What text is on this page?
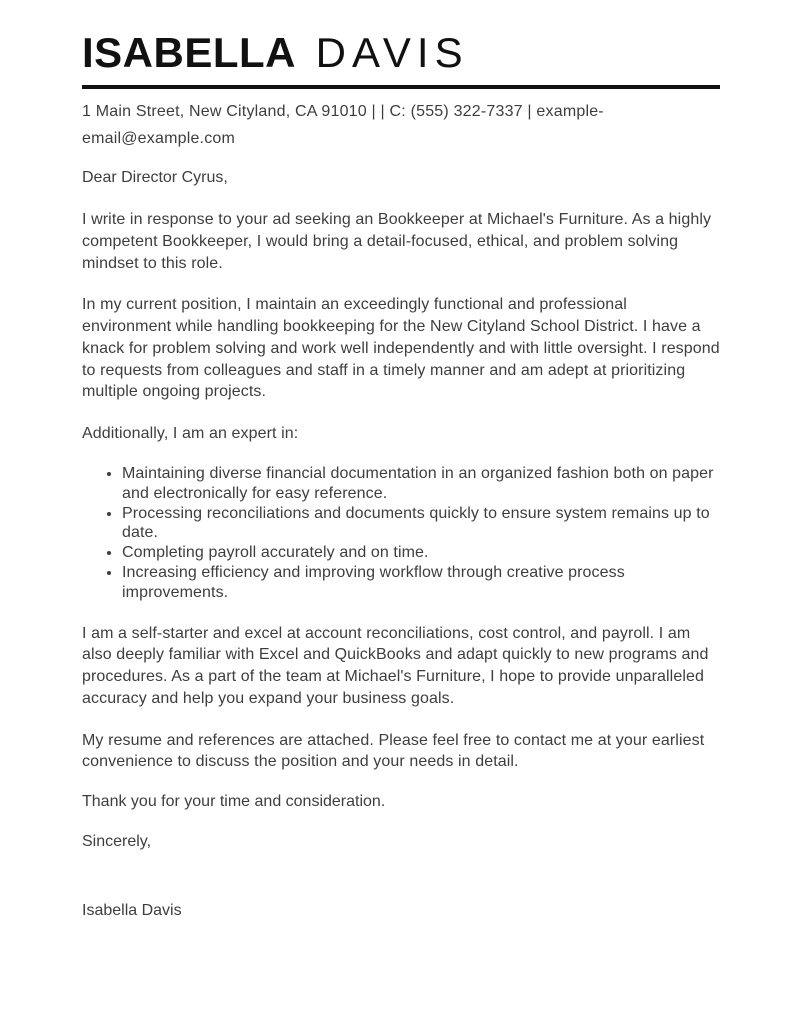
ISABELLA DAVIS

1 Main Street, New Cityland, CA 91010 | | C: (555) 322-7337 | example-email@example.com

Dear Director Cyrus,

I write in response to your ad seeking an Bookkeeper at Michael's Furniture. As a highly competent Bookkeeper, I would bring a detail-focused, ethical, and problem solving mindset to this role.

In my current position, I maintain an exceedingly functional and professional environment while handling bookkeeping for the New Cityland School District. I have a knack for problem solving and work well independently and with little oversight. I respond to requests from colleagues and staff in a timely manner and am adept at prioritizing multiple ongoing projects.

Additionally, I am an expert in:

• Maintaining diverse financial documentation in an organized fashion both on paper and electronically for easy reference.
• Processing reconciliations and documents quickly to ensure system remains up to date.
• Completing payroll accurately and on time.
• Increasing efficiency and improving workflow through creative process improvements.

I am a self-starter and excel at account reconciliations, cost control, and payroll. I am also deeply familiar with Excel and QuickBooks and adapt quickly to new programs and procedures. As a part of the team at Michael's Furniture, I hope to provide unparalleled accuracy and help you expand your business goals.

My resume and references are attached. Please feel free to contact me at your earliest convenience to discuss the position and your needs in detail.

Thank you for your time and consideration.

Sincerely,

Isabella Davis
